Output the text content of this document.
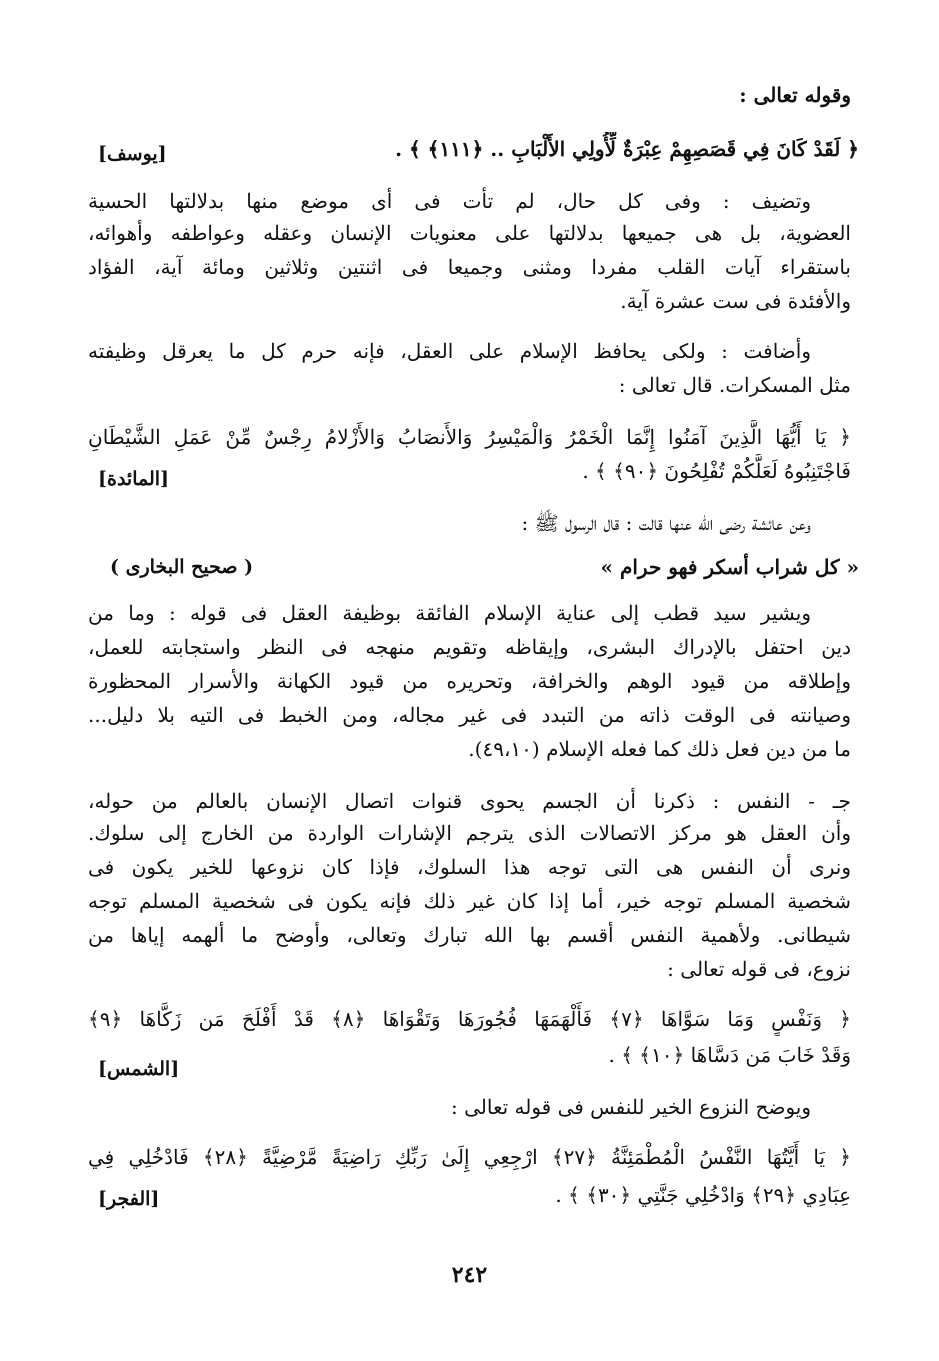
وقوله تعالى :
﴿ لَقَدْ كَانَ فِي قَصَصِهِمْ عِبْرَةٌ لِّأُولِي الأَلْبَابِ .. ﴿١١١﴾ ﴾ .
[يوسف]
وتضيف : وفى كل حال، لم تأت فى أى موضع منها بدلالتها الحسية
العضوية، بل هى جميعها بدلالتها على معنويات الإنسان وعقله وعواطفه وأهوائه،
باستقراء آيات القلب مفردا ومثنى وجميعا فى اثنتين وثلاثين ومائة آية، الفؤاد
والأفئدة فى ست عشرة آية.
وأضافت : ولكى يحافظ الإسلام على العقل، فإنه حرم كل ما يعرقل وظيفته
مثل المسكرات. قال تعالى :
﴿ يَا أَيُّهَا الَّذِينَ آمَنُوا إِنَّمَا الْخَمْرُ وَالْمَيْسِرُ وَالأَنصَابُ وَالأَزْلامُ رِجْسٌ مِّنْ عَمَلِ الشَّيْطَانِ
فَاجْتَنِبُوهُ لَعَلَّكُمْ تُفْلِحُونَ ﴿٩٠﴾ ﴾ .
[المائدة]
وعن عائشة رضى الله عنها قالت : قال الرسول ﷺ :
« كل شراب أسكر فهو حرام »
( صحيح البخارى )
ويشير سيد قطب إلى عناية الإسلام الفائقة بوظيفة العقل فى قوله : وما من
دين احتفل بالإدراك البشرى، وإيقاظه وتقويم منهجه فى النظر واستجابته للعمل،
وإطلاقه من قيود الوهم والخرافة، وتحريره من قيود الكهانة والأسرار المحظورة
وصيانته فى الوقت ذاته من التبدد فى غير مجاله، ومن الخبط فى التيه بلا دليل...
ما من دين فعل ذلك كما فعله الإسلام (٤٩،١٠).
جـ - النفس : ذكرنا أن الجسم يحوى قنوات اتصال الإنسان بالعالم من حوله،
وأن العقل هو مركز الاتصالات الذى يترجم الإشارات الواردة من الخارج إلى سلوك.
ونرى أن النفس هى التى توجه هذا السلوك، فإذا كان نزوعها للخير يكون فى
شخصية المسلم توجه خير، أما إذا كان غير ذلك فإنه يكون فى شخصية المسلم توجه
شيطانى. ولأهمية النفس أقسم بها الله تبارك وتعالى، وأوضح ما ألهمه إياها من
نزوع، فى قوله تعالى :
﴿ وَنَفْسٍ وَمَا سَوَّاهَا ﴿٧﴾ فَأَلْهَمَهَا فُجُورَهَا وَتَقْوَاهَا ﴿٨﴾ قَدْ أَفْلَحَ مَن زَكَّاهَا ﴿٩﴾
وَقَدْ خَابَ مَن دَسَّاهَا ﴿١٠﴾ ﴾ .
[الشمس]
ويوضح النزوع الخير للنفس فى قوله تعالى :
﴿ يَا أَيَّتُهَا النَّفْسُ الْمُطْمَئِنَّةُ ﴿٢٧﴾ ارْجِعِي إِلَىٰ رَبِّكِ رَاضِيَةً مَّرْضِيَّةً ﴿٢٨﴾ فَادْخُلِي فِي
عِبَادِي ﴿٢٩﴾ وَادْخُلِي جَنَّتِي ﴿٣٠﴾ ﴾ .
[الفجر]
٢٤٢
